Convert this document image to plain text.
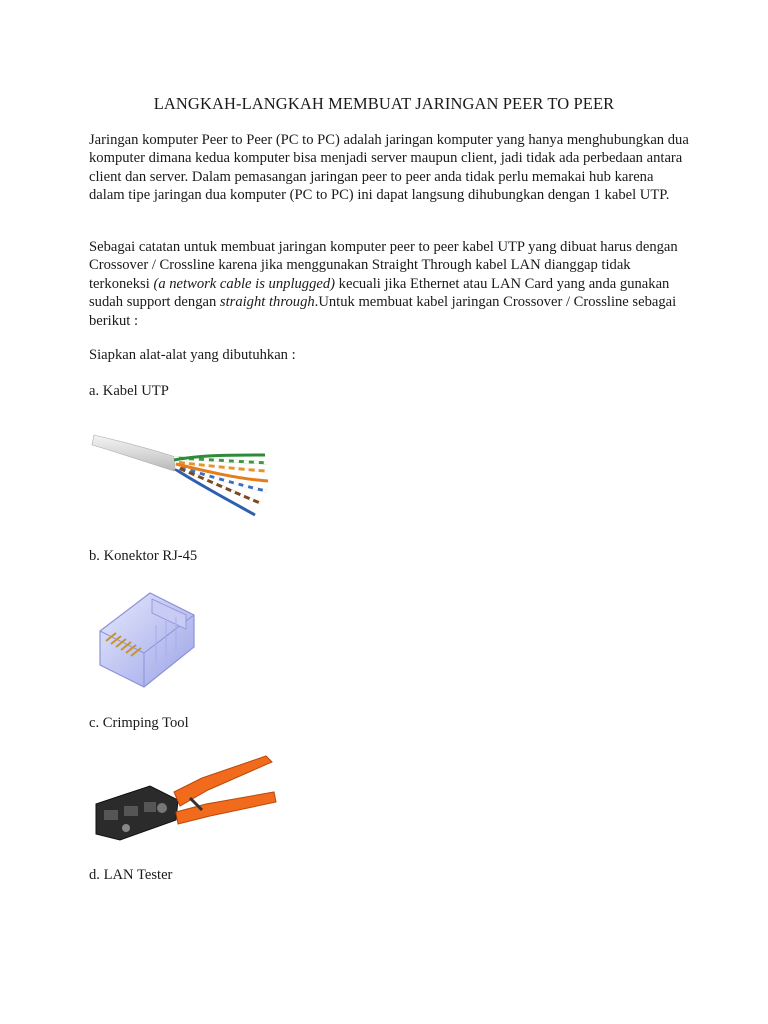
LANGKAH-LANGKAH MEMBUAT JARINGAN PEER TO PEER

Jaringan komputer Peer to Peer (PC to PC) adalah jaringan komputer yang hanya menghubungkan dua komputer dimana kedua komputer bisa menjadi server maupun client, jadi tidak ada perbedaan antara client dan server. Dalam pemasangan jaringan peer to peer anda tidak perlu memakai hub karena dalam tipe jaringan dua komputer (PC to PC) ini dapat langsung dihubungkan dengan 1 kabel UTP.

Sebagai catatan untuk membuat jaringan komputer peer to peer kabel UTP yang dibuat harus dengan Crossover / Crossline karena jika menggunakan Straight Through kabel LAN dianggap tidak terkoneksi (a network cable is unplugged) kecuali jika Ethernet atau LAN Card yang anda gunakan sudah support dengan straight through.Untuk membuat kabel jaringan Crossover / Crossline sebagai berikut :

Siapkan alat-alat yang dibutuhkan :

a. Kabel UTP
b. Konektor RJ-45
c. Crimping Tool
d. LAN Tester
